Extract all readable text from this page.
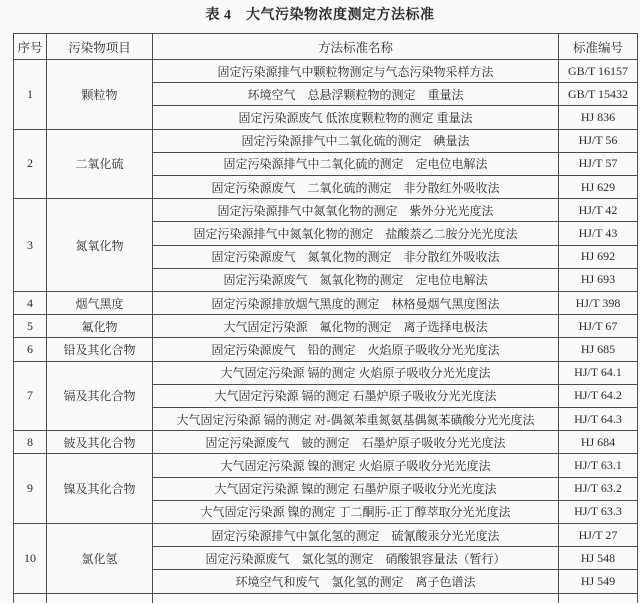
表 4　大气污染物浓度测定方法标准
序号	污染物项目	方法标准名称	标准编号
1	颗粒物	固定污染源排气中颗粒物测定与气态污染物采样方法	GB/T 16157
		环境空气　总悬浮颗粒物的测定　重量法	GB/T 15432
		固定污染源废气 低浓度颗粒物的测定 重量法	HJ 836
2	二氧化硫	固定污染源排气中二氧化硫的测定　碘量法	HJ/T 56
		固定污染源排气中二氧化硫的测定　定电位电解法	HJ/T 57
		固定污染源废气　二氧化硫的测定　非分散红外吸收法	HJ 629
3	氮氧化物	固定污染源排气中氮氧化物的测定　紫外分光光度法	HJ/T 42
		固定污染源排气中氮氧化物的测定　盐酸萘乙二胺分光光度法	HJ/T 43
		固定污染源废气　氮氧化物的测定　非分散红外吸收法	HJ 692
		固定污染源废气　氮氧化物的测定　定电位电解法	HJ 693
4	烟气黑度	固定污染源排放烟气黑度的测定　林格曼烟气黑度图法	HJ/T 398
5	氟化物	大气固定污染源　氟化物的测定　离子选择电极法	HJ/T 67
6	铅及其化合物	固定污染源废气　铅的测定　火焰原子吸收分光光度法	HJ 685
7	镉及其化合物	大气固定污染源 镉的测定 火焰原子吸收分光光度法	HJ/T 64.1
		大气固定污染源 镉的测定 石墨炉原子吸收分光光度法	HJ/T 64.2
		大气固定污染源 镉的测定 对-偶氮苯重氮氨基偶氮苯磺酸分光光度法	HJ/T 64.3
8	铍及其化合物	固定污染源废气　铍的测定　石墨炉原子吸收分光光度法	HJ 684
9	镍及其化合物	大气固定污染源 镍的测定 火焰原子吸收分光光度法	HJ/T 63.1
		大气固定污染源 镍的测定 石墨炉原子吸收分光光度法	HJ/T 63.2
		大气固定污染源 镍的测定 丁二酮肟-正丁醇萃取分光光度法	HJ/T 63.3
10	氯化氢	固定污染源排气中氯化氢的测定　硫氰酸汞分光光度法	HJ/T 27
		固定污染源废气　氯化氢的测定　硝酸银容量法（暂行）	HJ 548
		环境空气和废气　氯化氢的测定　离子色谱法	HJ 549
